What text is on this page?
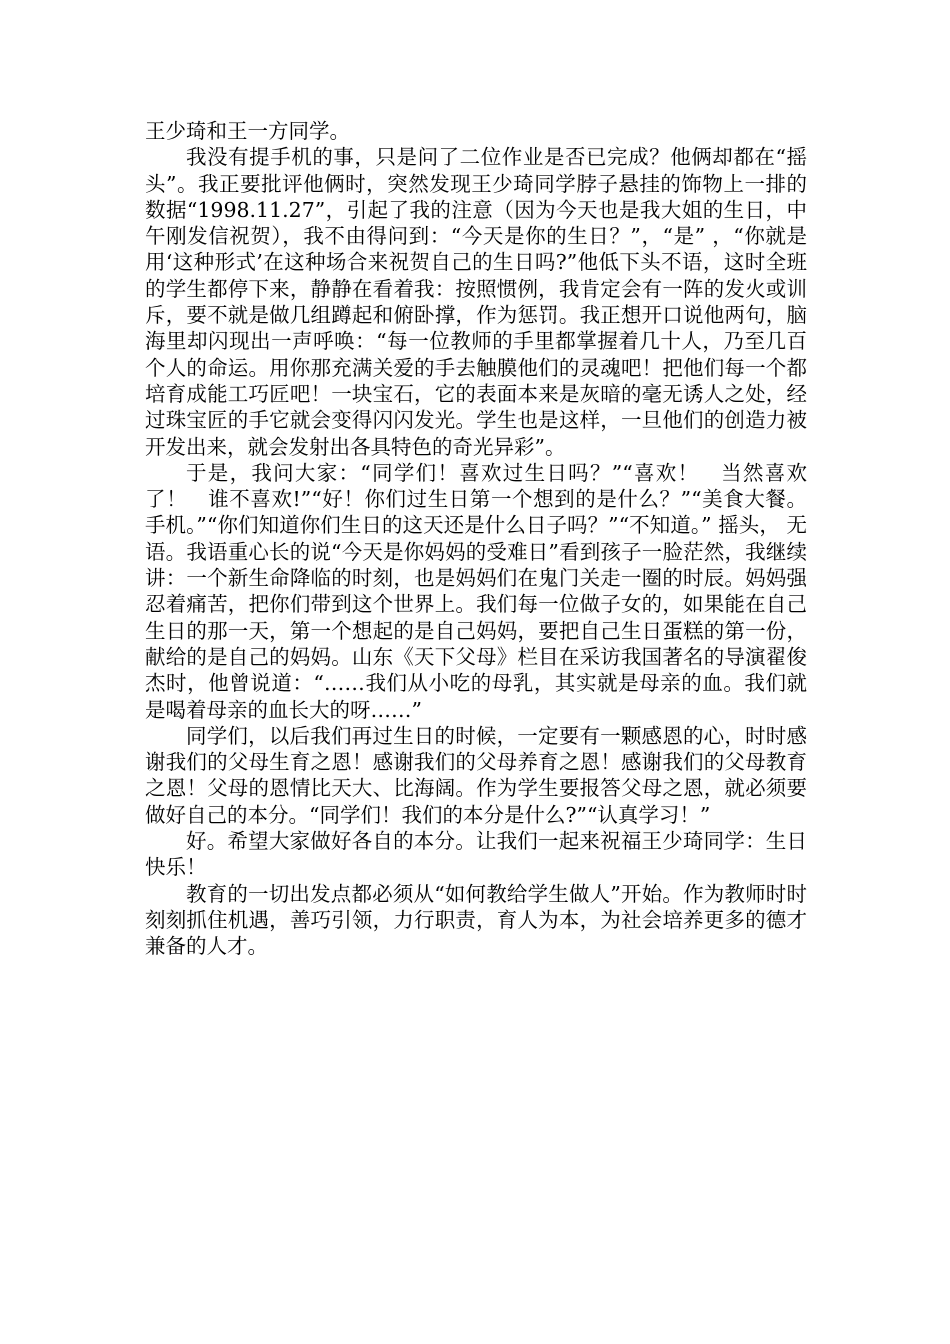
王少琦和王一方同学。

我没有提手机的事，只是问了二位作业是否已完成？他俩却都在“摇头”。我正要批评他俩时，突然发现王少琦同学脖子悬挂的饰物上一排的数据“1998.11.27”，引起了我的注意（因为今天也是我大姐的生日，中午刚发信祝贺），我不由得问到：“今天是你的生日？”，“是” ，“你就是用‘这种形式’在这种场合来祝贺自己的生日吗?”他低下头不语，这时全班的学生都停下来，静静在看着我：按照惯例，我肯定会有一阵的发火或训斥，要不就是做几组蹲起和俯卧撑，作为惩罚。我正想开口说他两句，脑海里却闪现出一声呼唤：“每一位教师的手里都掌握着几十人，乃至几百个人的命运。用你那充满关爱的手去触膜他们的灵魂吧！把他们每一个都培育成能工巧匠吧！一块宝石，它的表面本来是灰暗的毫无诱人之处，经过珠宝匠的手它就会变得闪闪发光。学生也是这样，一旦他们的创造力被开发出来，就会发射出各具特色的奇光异彩”。

于是，我问大家：“同学们！喜欢过生日吗？”“喜欢！　当然喜欢了！　谁不喜欢!”“好！你们过生日第一个想到的是什么？”“美食大餐。手机。”“你们知道你们生日的这天还是什么日子吗？”“不知道。” 摇头， 无语。我语重心长的说“今天是你妈妈的受难日”看到孩子一脸茫然，我继续讲：一个新生命降临的时刻，也是妈妈们在鬼门关走一圈的时辰。妈妈强忍着痛苦，把你们带到这个世界上。我们每一位做子女的，如果能在自己生日的那一天，第一个想起的是自己妈妈，要把自己生日蛋糕的第一份，献给的是自己的妈妈。山东《天下父母》栏目在采访我国著名的导演翟俊杰时，他曾说道：“……我们从小吃的母乳，其实就是母亲的血。我们就是喝着母亲的血长大的呀……”

同学们，以后我们再过生日的时候，一定要有一颗感恩的心，时时感谢我们的父母生育之恩！感谢我们的父母养育之恩！感谢我们的父母教育之恩！父母的恩情比天大、比海阔。作为学生要报答父母之恩，就必须要做好自己的本分。“同学们！我们的本分是什么?”“认真学习！”

好。希望大家做好各自的本分。让我们一起来祝福王少琦同学：生日快乐！

教育的一切出发点都必须从“如何教给学生做人”开始。作为教师时时刻刻抓住机遇，善巧引领，力行职责，育人为本，为社会培养更多的德才兼备的人才。
